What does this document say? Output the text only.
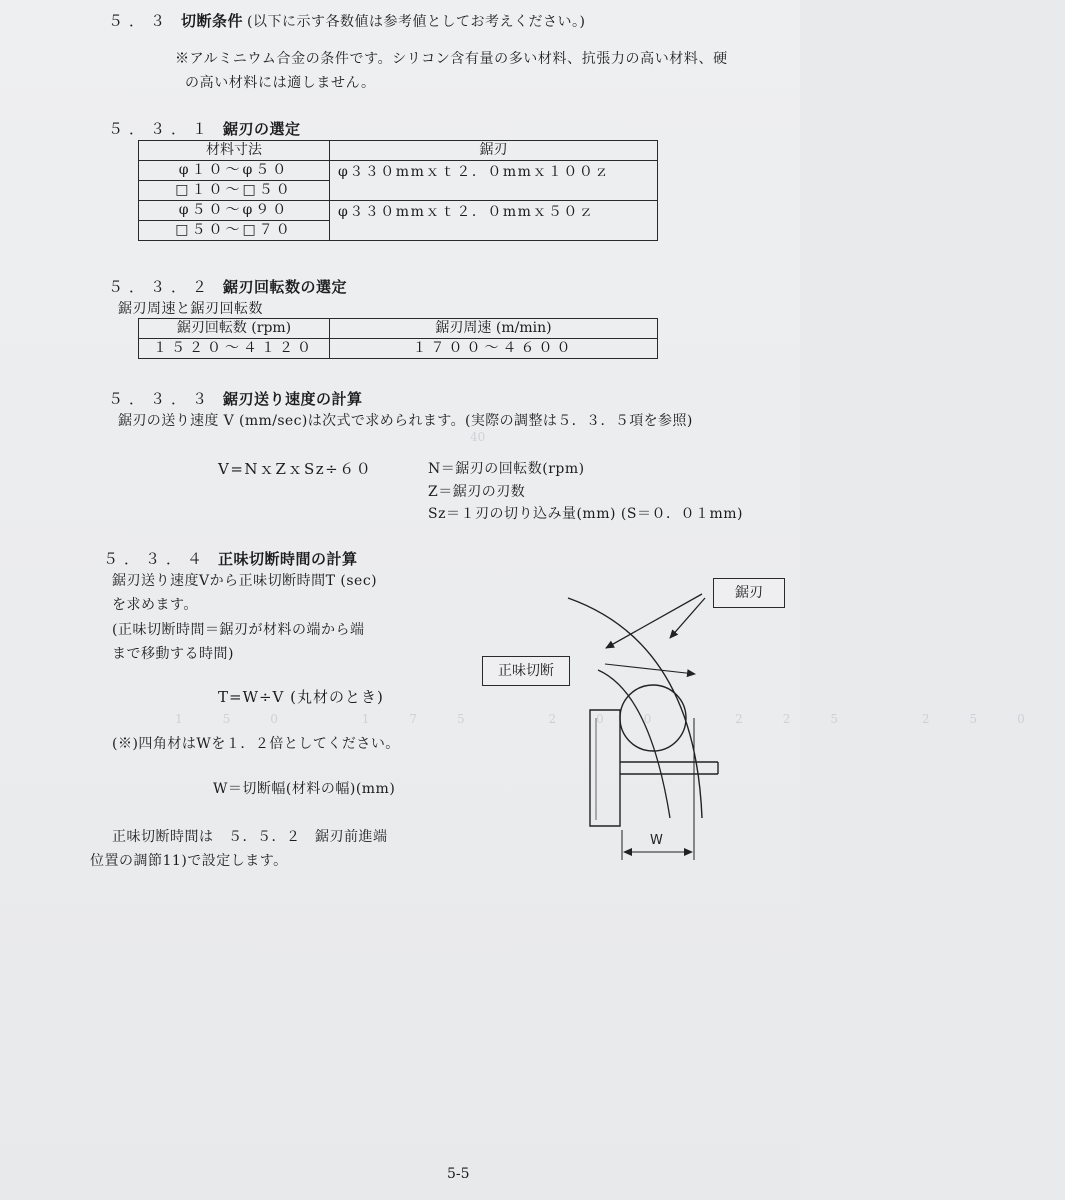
40
150 175 200 225 250
５．３ 切断条件 (以下に示す各数値は参考値としてお考えください。)
※アルミニウム合金の条件です。シリコン含有量の多い材料、抗張力の高い材料、硬
の高い材料には適しません。
５．３．１ 鋸刃の選定
材料寸法	鋸刃
φ１０～φ５０	φ３３０mmｘｔ２．０mmｘ１００ｚ
□１０～□５０	
φ５０～φ９０	φ３３０mmｘｔ２．０mmｘ５０ｚ
□５０～□７０	
５．３．２ 鋸刃回転数の選定
鋸刃周速と鋸刃回転数
鋸刃回転数 (rpm)	鋸刃周速 (m/min)
１５２０～４１２０	１７００～４６００
５．３．３ 鋸刃送り速度の計算
鋸刃の送り速度 V (mm/sec)は次式で求められます。(実際の調整は５．３．５項を参照)
V=NｘZｘSz÷６０	N＝鋸刃の回転数(rpm)
Z＝鋸刃の刃数
Sz＝１刃の切り込み量(mm) (S＝０．０１mm)
５．３．４ 正味切断時間の計算
鋸刃送り速度Vから正味切断時間T (sec)
を求めます。
(正味切断時間＝鋸刃が材料の端から端
まで移動する時間)
T=W÷V (丸材のとき)
(※)四角材はWを１．２倍としてください。
W＝切断幅(材料の幅)(mm)
正味切断時間は　５．５．２　鋸刃前進端
位置の調節11)で設定します。
W
鋸刃
正味切断
5-5
